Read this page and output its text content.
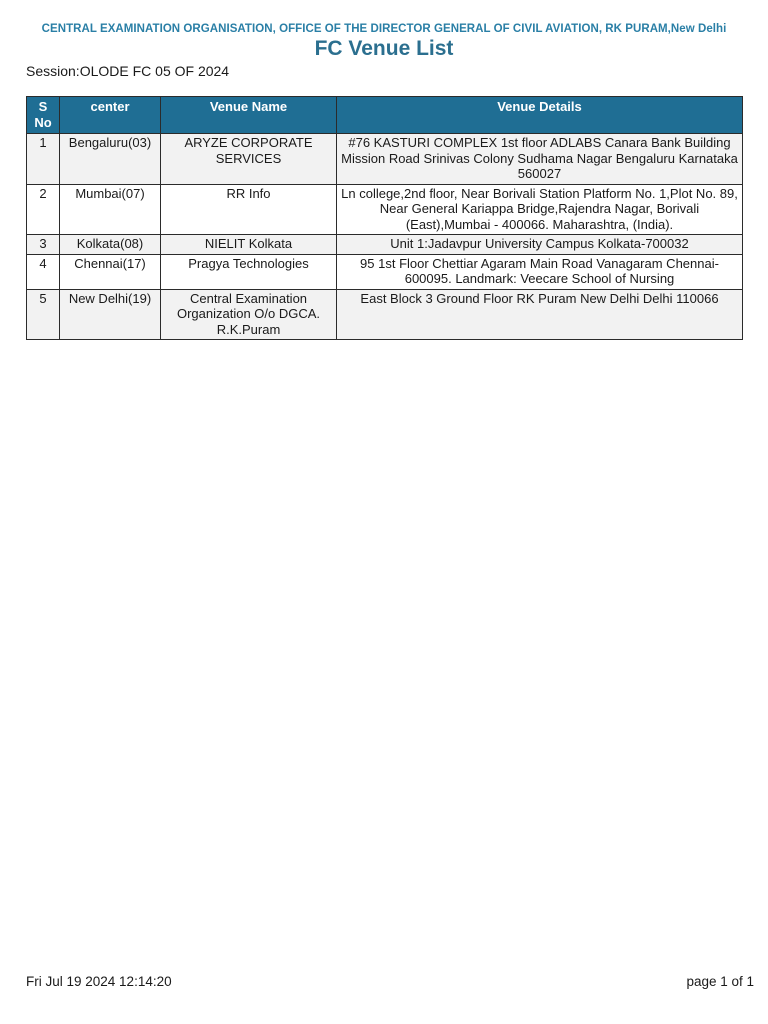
CENTRAL EXAMINATION ORGANISATION, OFFICE OF THE DIRECTOR GENERAL OF CIVIL AVIATION, RK PURAM,New Delhi
FC Venue List
Session:OLODE FC 05 OF 2024
S No	center	Venue Name	Venue Details
1	Bengaluru(03)	ARYZE CORPORATE SERVICES	#76 KASTURI COMPLEX 1st floor ADLABS Canara Bank Building Mission Road Srinivas Colony Sudhama Nagar Bengaluru Karnataka 560027
2	Mumbai(07)	RR Info	Ln college,2nd floor, Near Borivali Station Platform No. 1,Plot No. 89, Near General Kariappa Bridge,Rajendra Nagar, Borivali (East),Mumbai - 400066. Maharashtra, (India).
3	Kolkata(08)	NIELIT Kolkata	Unit 1:Jadavpur University Campus Kolkata-700032
4	Chennai(17)	Pragya Technologies	95 1st Floor Chettiar Agaram Main Road Vanagaram Chennai-600095. Landmark: Veecare School of Nursing
5	New Delhi(19)	Central Examination Organization O/o DGCA. R.K.Puram	East Block 3 Ground Floor RK Puram New Delhi Delhi 110066
Fri Jul 19 2024 12:14:20	page 1 of 1
